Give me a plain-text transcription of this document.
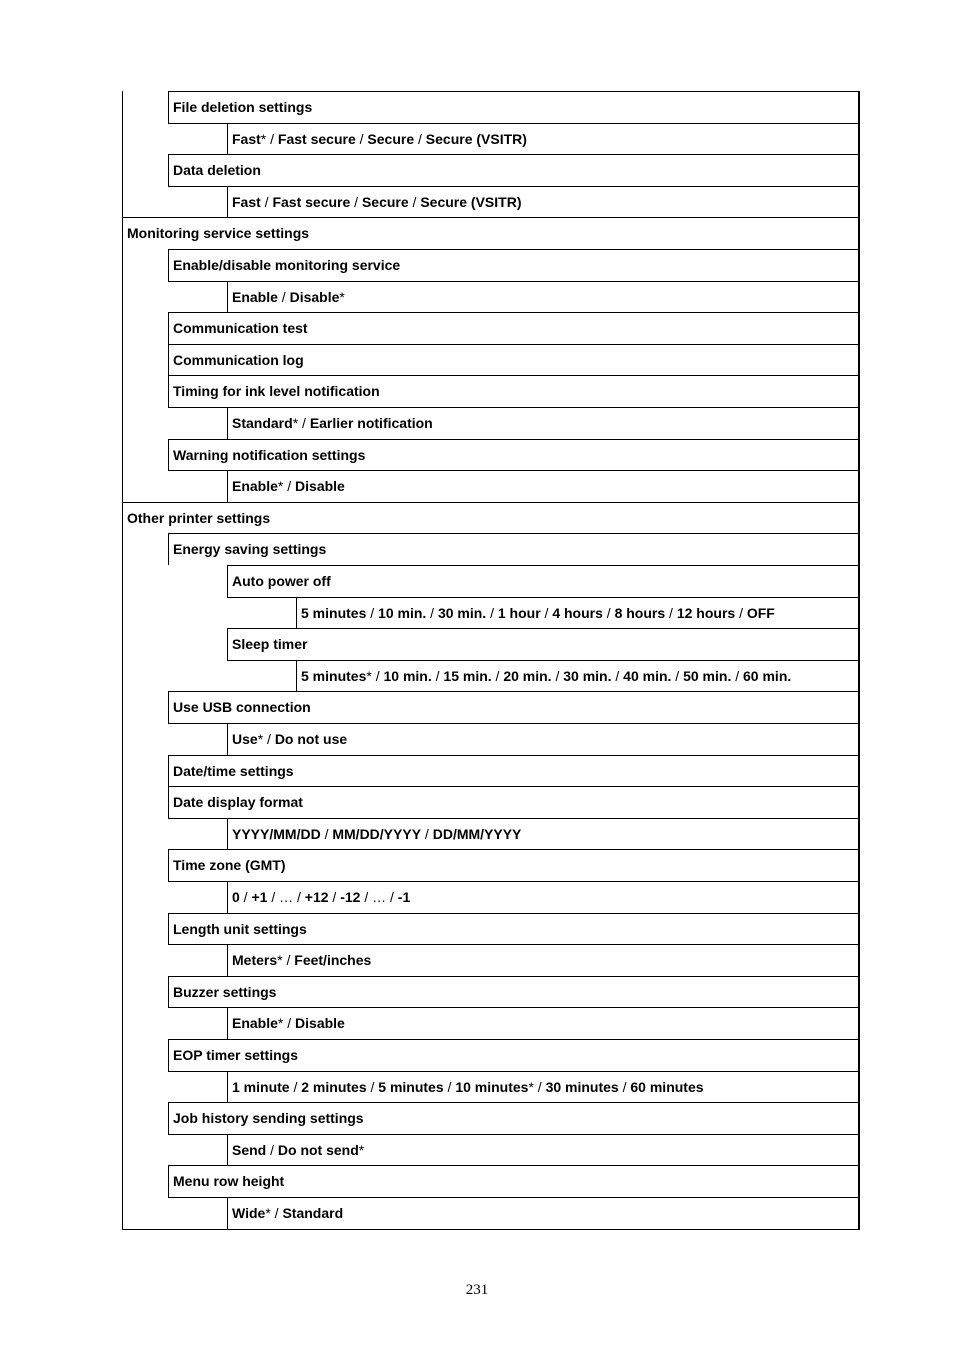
File deletion settings
Fast* / Fast secure / Secure / Secure (VSITR)
Data deletion
Fast / Fast secure / Secure / Secure (VSITR)
Monitoring service settings
Enable/disable monitoring service
Enable / Disable*
Communication test
Communication log
Timing for ink level notification
Standard* / Earlier notification
Warning notification settings
Enable* / Disable
Other printer settings
Energy saving settings
Auto power off
5 minutes / 10 min. / 30 min. / 1 hour / 4 hours / 8 hours / 12 hours / OFF
Sleep timer
5 minutes* / 10 min. / 15 min. / 20 min. / 30 min. / 40 min. / 50 min. / 60 min.
Use USB connection
Use* / Do not use
Date/time settings
Date display format
YYYY/MM/DD / MM/DD/YYYY / DD/MM/YYYY
Time zone (GMT)
0 / +1 / … / +12 / -12 / … / -1
Length unit settings
Meters* / Feet/inches
Buzzer settings
Enable* / Disable
EOP timer settings
1 minute / 2 minutes / 5 minutes / 10 minutes* / 30 minutes / 60 minutes
Job history sending settings
Send / Do not send*
Menu row height
Wide* / Standard
231
